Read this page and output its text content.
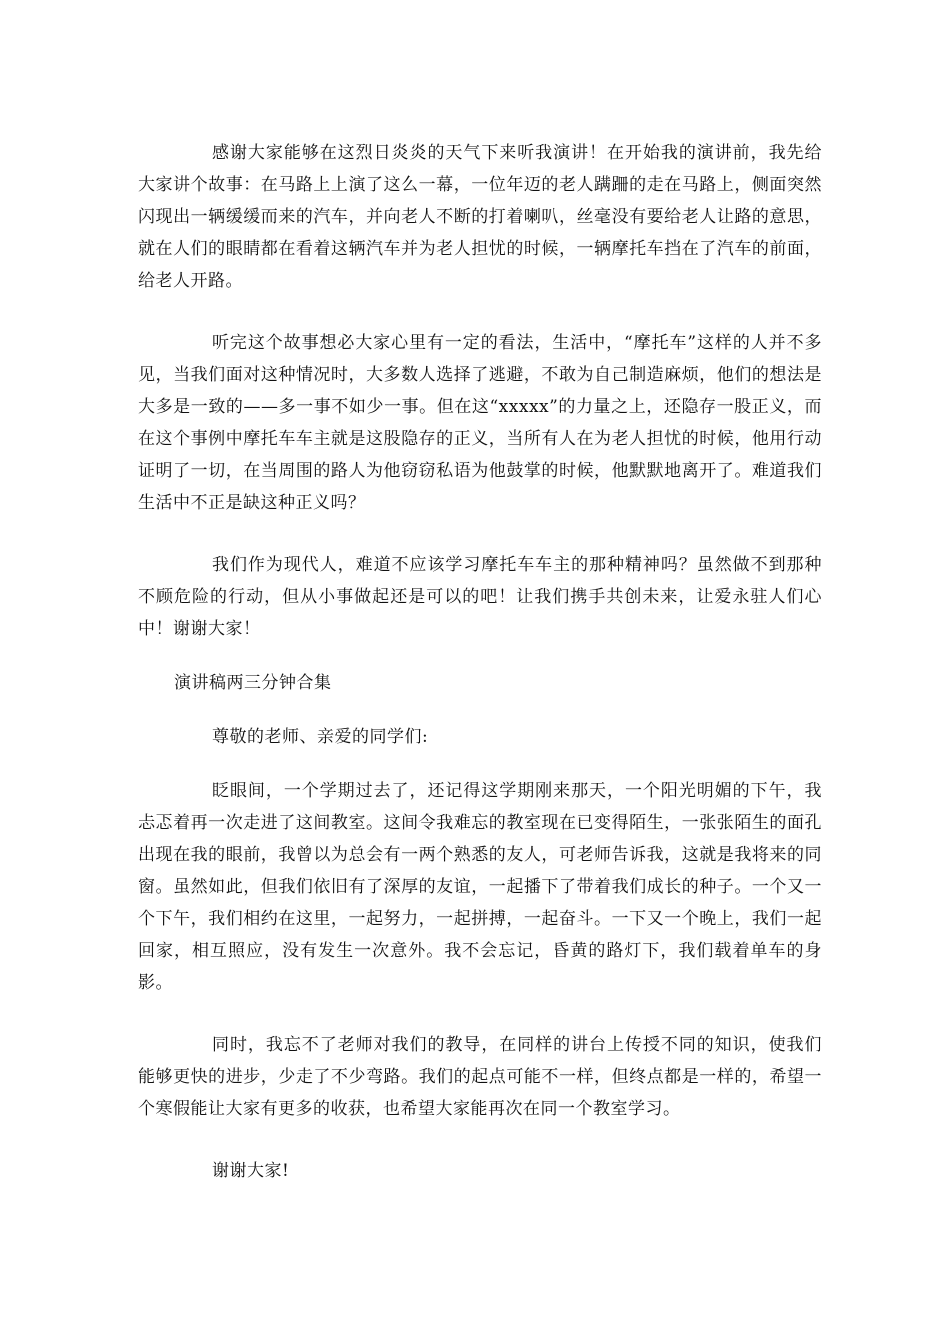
感谢大家能够在这烈日炎炎的天气下来听我演讲！在开始我的演讲前，我先给大家讲个故事：在马路上上演了这么一幕，一位年迈的老人蹒跚的走在马路上，侧面突然闪现出一辆缓缓而来的汽车，并向老人不断的打着喇叭，丝毫没有要给老人让路的意思，就在人们的眼睛都在看着这辆汽车并为老人担忧的时候，一辆摩托车挡在了汽车的前面，给老人开路。

听完这个故事想必大家心里有一定的看法，生活中，“摩托车”这样的人并不多见，当我们面对这种情况时，大多数人选择了逃避，不敢为自己制造麻烦，他们的想法是大多是一致的——多一事不如少一事。但在这“xxxxx”的力量之上，还隐存一股正义，而在这个事例中摩托车车主就是这股隐存的正义，当所有人在为老人担忧的时候，他用行动证明了一切，在当周围的路人为他窃窃私语为他鼓掌的时候，他默默地离开了。难道我们生活中不正是缺这种正义吗？

我们作为现代人，难道不应该学习摩托车车主的那种精神吗？虽然做不到那种不顾危险的行动，但从小事做起还是可以的吧！让我们携手共创未来，让爱永驻人们心中！谢谢大家！

演讲稿两三分钟合集

尊敬的老师、亲爱的同学们:

眨眼间，一个学期过去了，还记得这学期刚来那天，一个阳光明媚的下午，我忐忑着再一次走进了这间教室。这间令我难忘的教室现在已变得陌生，一张张陌生的面孔出现在我的眼前，我曾以为总会有一两个熟悉的友人，可老师告诉我，这就是我将来的同窗。虽然如此，但我们依旧有了深厚的友谊，一起播下了带着我们成长的种子。一个又一个下午，我们相约在这里，一起努力，一起拼搏，一起奋斗。一下又一个晚上，我们一起回家，相互照应，没有发生一次意外。我不会忘记，昏黄的路灯下，我们载着单车的身影。

同时，我忘不了老师对我们的教导，在同样的讲台上传授不同的知识，使我们能够更快的进步，少走了不少弯路。我们的起点可能不一样，但终点都是一样的，希望一个寒假能让大家有更多的收获，也希望大家能再次在同一个教室学习。

谢谢大家!
